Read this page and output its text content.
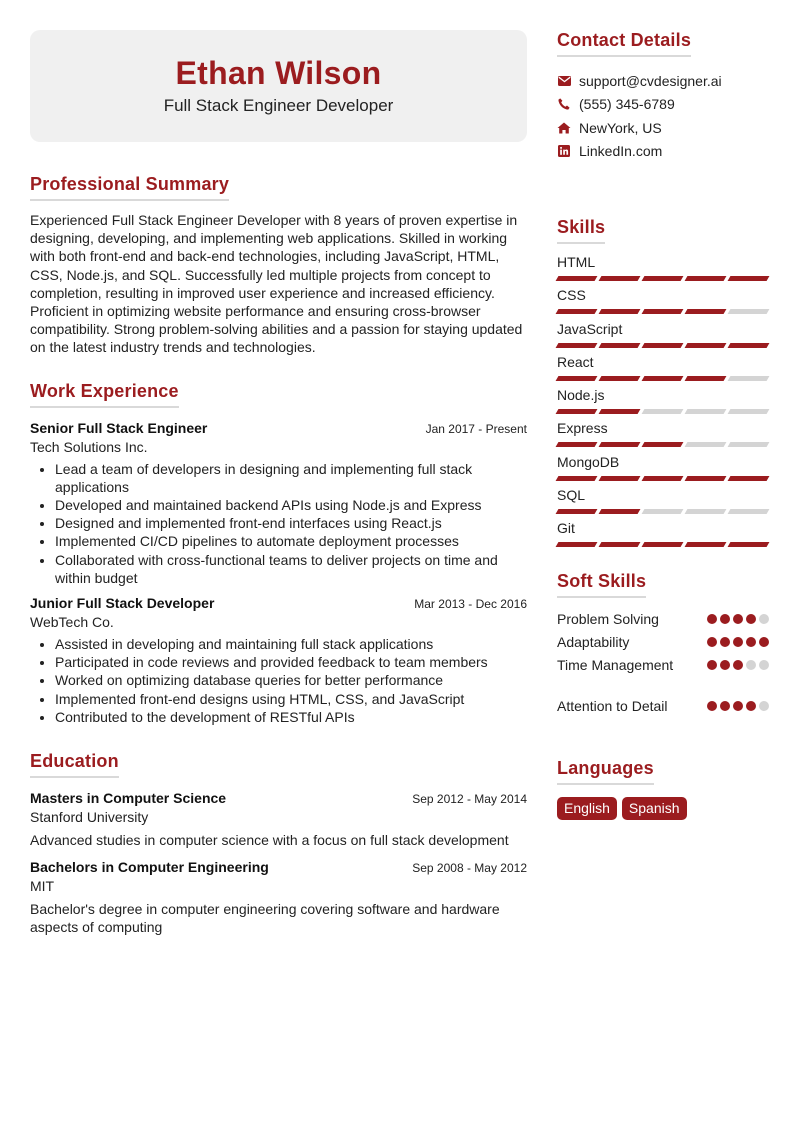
Ethan Wilson
Full Stack Engineer Developer
Professional Summary
Experienced Full Stack Engineer Developer with 8 years of proven expertise in designing, developing, and implementing web applications. Skilled in working with both front-end and back-end technologies, including JavaScript, HTML, CSS, Node.js, and SQL. Successfully led multiple projects from concept to completion, resulting in improved user experience and increased efficiency. Proficient in optimizing website performance and ensuring cross-browser compatibility. Strong problem-solving abilities and a passion for staying updated on the latest industry trends and technologies.
Work Experience
Senior Full Stack Engineer	Jan 2017 - Present
Tech Solutions Inc.
• Lead a team of developers in designing and implementing full stack applications
• Developed and maintained backend APIs using Node.js and Express
• Designed and implemented front-end interfaces using React.js
• Implemented CI/CD pipelines to automate deployment processes
• Collaborated with cross-functional teams to deliver projects on time and within budget
Junior Full Stack Developer	Mar 2013 - Dec 2016
WebTech Co.
• Assisted in developing and maintaining full stack applications
• Participated in code reviews and provided feedback to team members
• Worked on optimizing database queries for better performance
• Implemented front-end designs using HTML, CSS, and JavaScript
• Contributed to the development of RESTful APIs
Education
Masters in Computer Science	Sep 2012 - May 2014
Stanford University
Advanced studies in computer science with a focus on full stack development
Bachelors in Computer Engineering	Sep 2008 - May 2012
MIT
Bachelor's degree in computer engineering covering software and hardware aspects of computing
Contact Details
support@cvdesigner.ai
(555) 345-6789
NewYork, US
LinkedIn.com
Skills
HTML
CSS
JavaScript
React
Node.js
Express
MongoDB
SQL
Git
Soft Skills
Problem Solving
Adaptability
Time Management
Attention to Detail
Languages
English	Spanish
